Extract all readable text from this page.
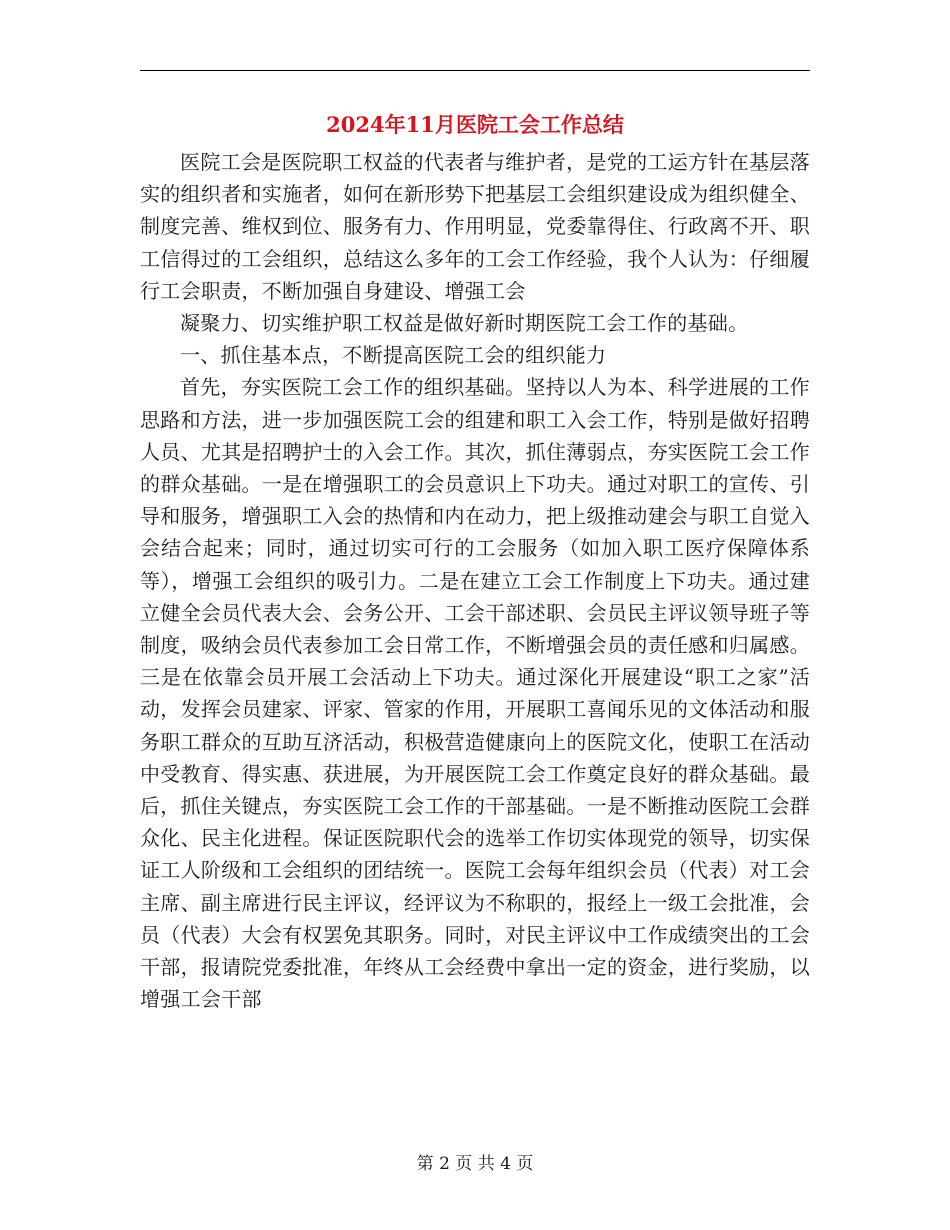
2024年11月医院工会工作总结

医院工会是医院职工权益的代表者与维护者，是党的工运方针在基层落实的组织者和实施者，如何在新形势下把基层工会组织建设成为组织健全、制度完善、维权到位、服务有力、作用明显，党委靠得住、行政离不开、职工信得过的工会组织，总结这么多年的工会工作经验，我个人认为：仔细履行工会职责，不断加强自身建设、增强工会

凝聚力、切实维护职工权益是做好新时期医院工会工作的基础。

一、抓住基本点，不断提高医院工会的组织能力

首先，夯实医院工会工作的组织基础。坚持以人为本、科学进展的工作思路和方法，进一步加强医院工会的组建和职工入会工作，特别是做好招聘人员、尤其是招聘护士的入会工作。其次，抓住薄弱点，夯实医院工会工作的群众基础。一是在增强职工的会员意识上下功夫。通过对职工的宣传、引导和服务，增强职工入会的热情和内在动力，把上级推动建会与职工自觉入会结合起来；同时，通过切实可行的工会服务（如加入职工医疗保障体系等），增强工会组织的吸引力。二是在建立工会工作制度上下功夫。通过建立健全会员代表大会、会务公开、工会干部述职、会员民主评议领导班子等制度，吸纳会员代表参加工会日常工作，不断增强会员的责任感和归属感。三是在依靠会员开展工会活动上下功夫。通过深化开展建设“职工之家”活动，发挥会员建家、评家、管家的作用，开展职工喜闻乐见的文体活动和服务职工群众的互助互济活动，积极营造健康向上的医院文化，使职工在活动中受教育、得实惠、获进展，为开展医院工会工作奠定良好的群众基础。最后，抓住关键点，夯实医院工会工作的干部基础。一是不断推动医院工会群众化、民主化进程。保证医院职代会的选举工作切实体现党的领导，切实保证工人阶级和工会组织的团结统一。医院工会每年组织会员（代表）对工会主席、副主席进行民主评议，经评议为不称职的，报经上一级工会批准，会员（代表）大会有权罢免其职务。同时，对民主评议中工作成绩突出的工会干部，报请院党委批准，年终从工会经费中拿出一定的资金，进行奖励，以增强工会干部

第 2 页 共 4 页
